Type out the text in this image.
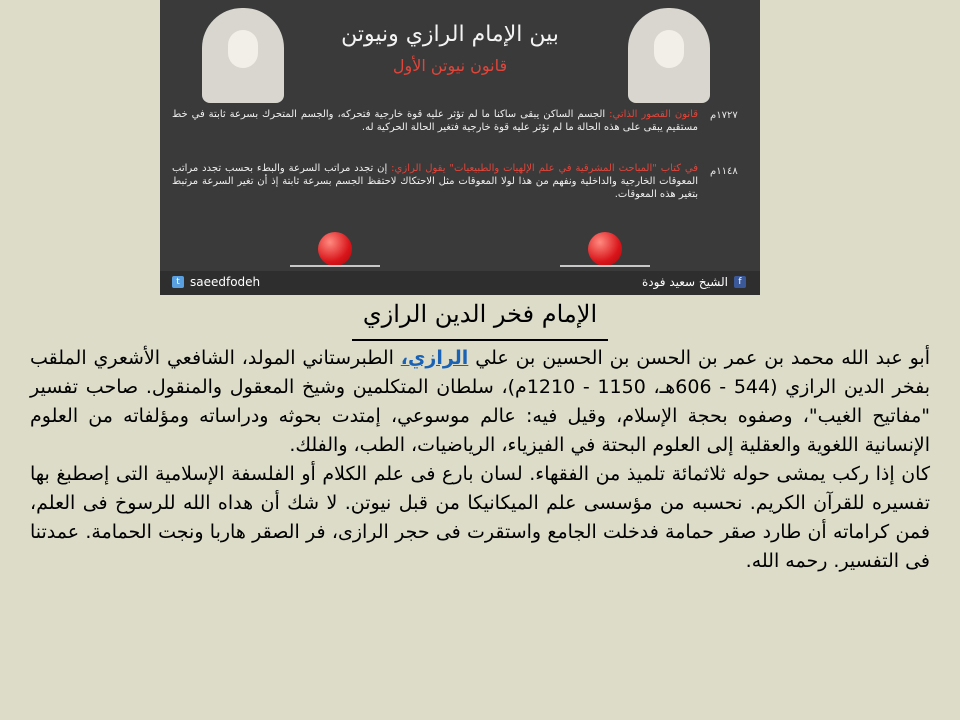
بين الإمام الرازي ونيوتن
قانون نيوتن الأول
١٧٢٧م
قانون القصور الذاتي: الجسم الساكن يبقى ساكنا ما لم تؤثر عليه قوة خارجية فتحركه، والجسم المتحرك بسرعة ثابتة في خط مستقيم يبقى على هذه الحالة ما لم تؤثر عليه قوة خارجية فتغير الحالة الحركية له.
١١٤٨م
في كتاب "المباحث المشرقية في علم الإلهيات والطبيعيات" يقول الرازي: إن تجدد مراتب السرعة والبطء بحسب تجدد مراتب المعوقات الخارجية والداخلية ونفهم من هذا لولا المعوقات مثل الاحتكاك لاحتفظ الجسم بسرعة ثابتة إذ أن تغير السرعة مرتبط بتغير هذه المعوقات.
t saeedfodeh	f
الشيخ سعيد فودة
الإمام فخر الدين الرازي

أبو عبد الله محمد بن عمر بن الحسن بن الحسين بن علي الرازي، الطبرستاني المولد، الشافعي الأشعري الملقب بفخر الدين الرازي (544 - 606هـ، 1150 - 1210م)، سلطان المتكلمين وشيخ المعقول والمنقول. صاحب تفسير "مفاتيح الغيب"، وصفوه بحجة الإسلام، وقيل فيه: عالم موسوعي، إمتدت بحوثه ودراساته ومؤلفاته من العلوم الإنسانية اللغوية والعقلية إلى العلوم البحتة في الفيزياء، الرياضيات، الطب، والفلك.

كان إذا ركب يمشى حوله ثلاثمائة تلميذ من الفقهاء. لسان بارع فى علم الكلام أو الفلسفة الإسلامية التى إصطبغ بها تفسيره للقرآن الكريم. نحسبه من مؤسسى علم الميكانيكا من قبل نيوتن. لا شك أن هداه الله للرسوخ فى العلم، فمن كراماته أن طارد صقر حمامة فدخلت الجامع واستقرت فى حجر الرازى، فر الصقر هاربا ونجت الحمامة. عمدتنا فى التفسير. رحمه الله.
